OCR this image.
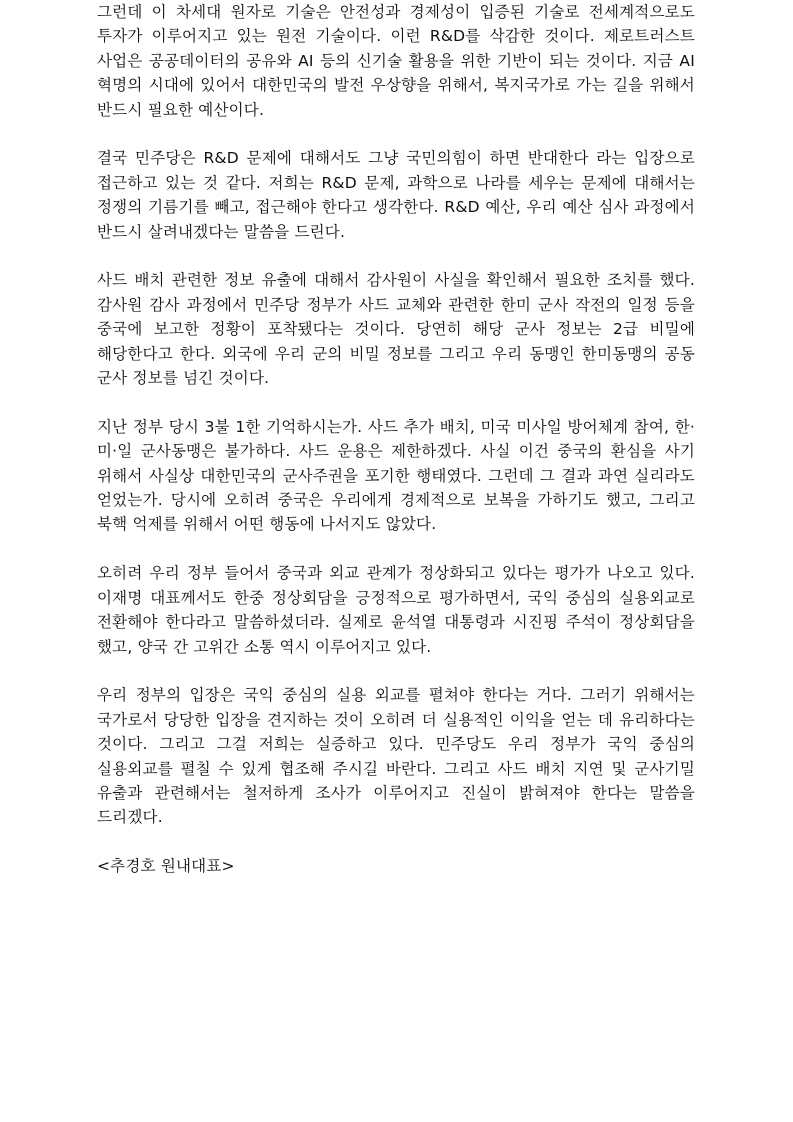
그런데 이 차세대 원자로 기술은 안전성과 경제성이 입증된 기술로 전세계적으로도 투자가 이루어지고 있는 원전 기술이다. 이런 R&D를 삭감한 것이다. 제로트러스트 사업은 공공데이터의 공유와 AI 등의 신기술 활용을 위한 기반이 되는 것이다. 지금 AI 혁명의 시대에 있어서 대한민국의 발전 우상향을 위해서, 복지국가로 가는 길을 위해서 반드시 필요한 예산이다.

결국 민주당은 R&D 문제에 대해서도 그냥 국민의힘이 하면 반대한다 라는 입장으로 접근하고 있는 것 같다. 저희는 R&D 문제, 과학으로 나라를 세우는 문제에 대해서는 정쟁의 기름기를 빼고, 접근해야 한다고 생각한다. R&D 예산, 우리 예산 심사 과정에서 반드시 살려내겠다는 말씀을 드린다.

사드 배치 관련한 정보 유출에 대해서 감사원이 사실을 확인해서 필요한 조치를 했다. 감사원 감사 과정에서 민주당 정부가 사드 교체와 관련한 한미 군사 작전의 일정 등을 중국에 보고한 정황이 포착됐다는 것이다. 당연히 해당 군사 정보는 2급 비밀에 해당한다고 한다. 외국에 우리 군의 비밀 정보를 그리고 우리 동맹인 한미동맹의 공동 군사 정보를 넘긴 것이다.

지난 정부 당시 3불 1한 기억하시는가. 사드 추가 배치, 미국 미사일 방어체계 참여, 한·미·일 군사동맹은 불가하다. 사드 운용은 제한하겠다. 사실 이건 중국의 환심을 사기 위해서 사실상 대한민국의 군사주권을 포기한 행태였다. 그런데 그 결과 과연 실리라도 얻었는가. 당시에 오히려 중국은 우리에게 경제적으로 보복을 가하기도 했고, 그리고 북핵 억제를 위해서 어떤 행동에 나서지도 않았다.

오히려 우리 정부 들어서 중국과 외교 관계가 정상화되고 있다는 평가가 나오고 있다. 이재명 대표께서도 한중 정상회담을 긍정적으로 평가하면서, 국익 중심의 실용외교로 전환해야 한다라고 말씀하셨더라. 실제로 윤석열 대통령과 시진핑 주석이 정상회담을 했고, 양국 간 고위간 소통 역시 이루어지고 있다.

우리 정부의 입장은 국익 중심의 실용 외교를 펼쳐야 한다는 거다. 그러기 위해서는 국가로서 당당한 입장을 견지하는 것이 오히려 더 실용적인 이익을 얻는 데 유리하다는 것이다. 그리고 그걸 저희는 실증하고 있다. 민주당도 우리 정부가 국익 중심의 실용외교를 펼칠 수 있게 협조해 주시길 바란다. 그리고 사드 배치 지연 및 군사기밀 유출과 관련해서는 철저하게 조사가 이루어지고 진실이 밝혀져야 한다는 말씀을 드리겠다.

<추경호 원내대표>
